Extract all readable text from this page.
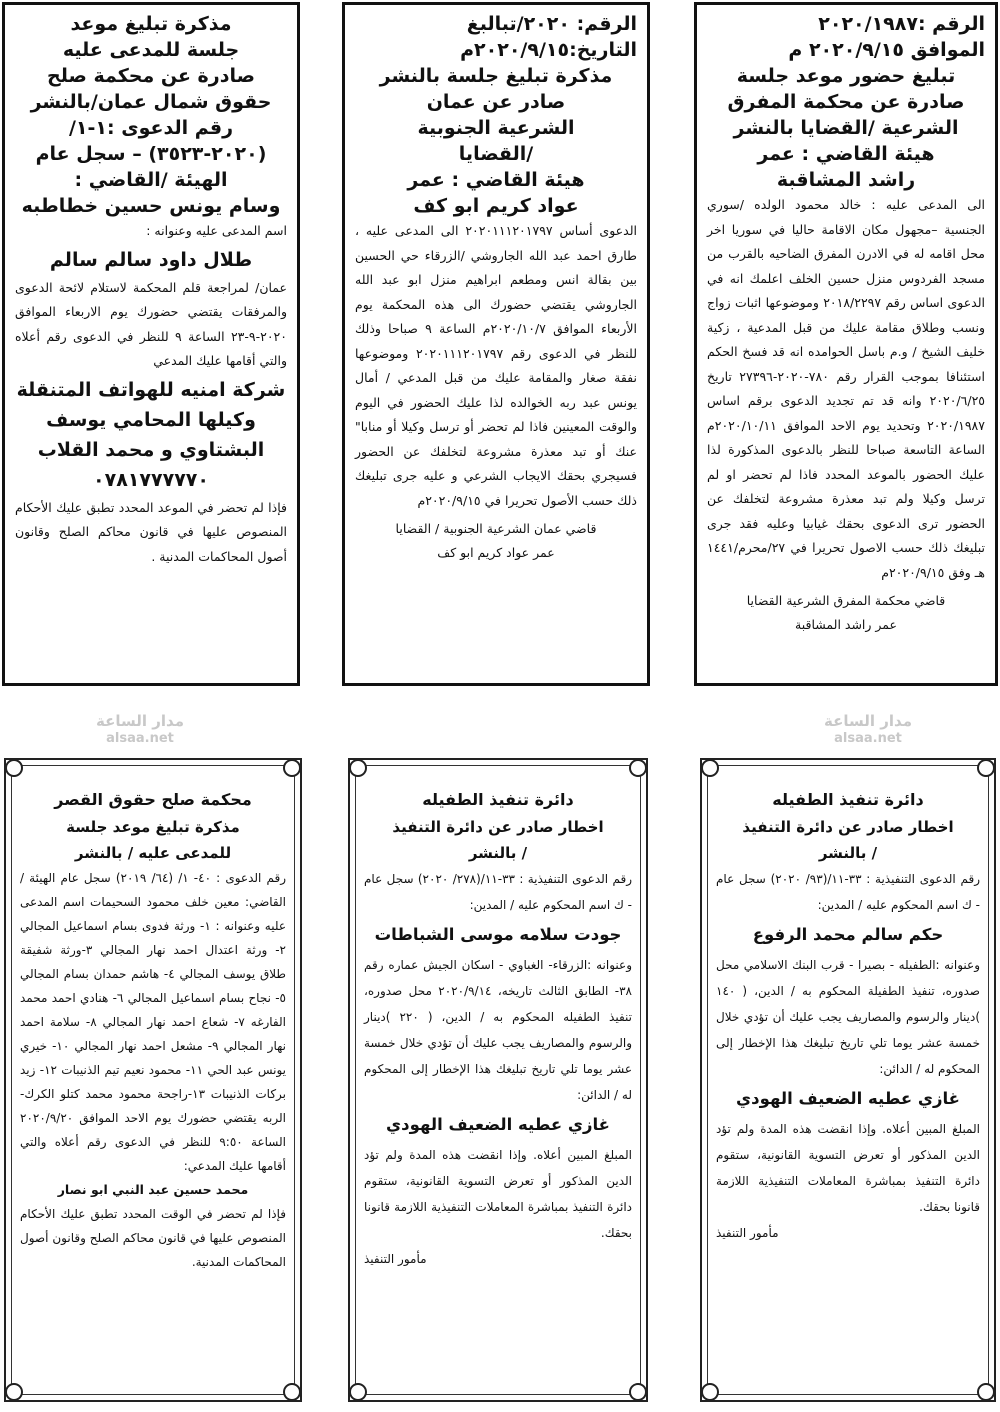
الرقم :٢٠٢٠/١٩٨٧

الموافق ٢٠٢٠/٩/١٥ م

تبليغ حضور موعد جلسة

صادرة عن محكمة المفرق

الشرعية /القضايا بالنشر

هيئة القاضي : عمر

راشد المشاقبة

الى المدعى عليه : خالد محمود الولده /سوري الجنسية –مجهول مكان الاقامة حاليا في سوريا اخر محل اقامه له في الادرن المفرق الضاحيه بالقرب من مسجد الفردوس منزل حسين الخلف اعلمك انه في الدعوى اساس رقم ٢٠١٨/٢٢٩٧ وموضوعها اثبات زواج ونسب وطلاق مقامة عليك من قبل المدعية ، زكية خليف الشيخ / و.م باسل الحوامده انه قد فسخ الحكم استئنافا بموجب القرار رقم ٧٨٠-٢٠٢٠-٢٧٣٩٦ تاريخ ٢٠٢٠/٦/٢٥ وانه قد تم تجديد الدعوى برقم اساس ٢٠٢٠/١٩٨٧ وتحديد يوم الاحد الموافق ٢٠٢٠/١٠/١١م الساعة التاسعة صباحا للنظر بالدعوى المذكورة لذا عليك الحضور بالموعد المحدد فاذا لم تحضر او لم ترسل وكيلا ولم تبد معذرة مشروعة لتخلفك عن الحضور ترى الدعوى بحقك غيابيا وعليه فقد جرى تبليغك ذلك حسب الاصول تحريرا في ٢٧/محرم/١٤٤١ هـ وفق ٢٠٢٠/٩/١٥م

قاضي محكمة المفرق الشرعية القضايا

عمر راشد المشاقبة

الرقم: ٢٠٢٠/تبالبغ

التاريخ:٢٠٢٠/٩/١٥م

مذكرة تبليغ جلسة بالنشر

صادر عن عمان

الشرعية الجنوبية

/القضايا

هيئة القاضي : عمر

عواد كريم ابو كف

الدعوى أساس ٢٠٢٠١١١٢٠١٧٩٧ الى المدعى عليه ، طارق احمد عبد الله الجاروشي /الزرقاء حي الحسين بين بقالة انس ومطعم ابراهيم منزل ابو عبد الله الجاروشي يقتضي حضورك الى هذه المحكمة يوم الأربعاء الموافق ٢٠٢٠/١٠/٧م الساعة ٩ صباحا وذلك للنظر في الدعوى رقم ٢٠٢٠١١١٢٠١٧٩٧ وموضوعها نفقة صغار والمقامة عليك من قبل المدعي / أمال يونس عبد ربه الخوالده لذا عليك الحضور في اليوم والوقت المعينين فاذا لم تحضر أو ترسل وكيلا أو منابا" عنك أو تبد معذرة مشروعة لتخلفك عن الحضور فسيجري بحقك الايجاب الشرعي و عليه جرى تبليغك ذلك حسب الأصول تحريرا في ٢٠٢٠/٩/١٥م

قاضي عمان الشرعية الجنوبية / القضايا

عمر عواد كريم ابو كف

مذكرة تبليغ موعد

جلسة للمدعى عليه

صادرة عن محكمة صلح

حقوق شمال عمان/بالنشر

رقم الدعوى :١-١/

(٢٠٢٠-٣٥٢٣) – سجل عام

الهيئة /القاضي :

وسام يونس حسين خطاطبه

اسم المدعى عليه وعنوانه :

طلال داود سالم سالم

عمان/ لمراجعة قلم المحكمة لاستلام لائحة الدعوى والمرفقات يقتضي حضورك يوم الاربعاء الموافق ٢٠٢٠-٩-٢٣ الساعة ٩ للنظر في الدعوى رقم أعلاه والتي أقامها عليك المدعي

شركة امنيه للهواتف المتنقلة

وكيلها المحامي يوسف

البشتاوي و محمد القلاب

٠٧٨١٧٧٧٧٧٠

فإذا لم تحضر في الموعد المحدد تطبق عليك الأحكام المنصوص عليها في قانون محاكم الصلح وقانون أصول المحاكمات المدنية .

مدار الساعة
alsaa.net
مدار الساعة
alsaa.net

دائرة تنفيذ الطفيله

اخطار صادر عن دائرة التنفيذ

/ بالنشر

رقم الدعوى التنفيذية : ٣٣-١١/(٩٣/ ٢٠٢٠) سجل عام - ك اسم المحكوم عليه / المدين:

حكم سالم محمد الرفوع

وعنوانه :الطفيله - بصيرا - قرب البنك الاسلامي محل صدوره، تنفيذ الطفيلة المحكوم به / الدين، ( ١٤٠ )دينار والرسوم والمصاريف يجب عليك أن تؤدي خلال خمسة عشر يوما تلي تاريخ تبليغك هذا الإخطار إلى المحكوم له / الدائن:

غازي عطيه الضعيف الهودي

المبلغ المبين أعلاه. وإذا انقضت هذه المدة ولم تؤد الدين المذكور أو تعرض التسوية القانونية، ستقوم دائرة التنفيذ بمباشرة المعاملات التنفيذية اللازمة قانونا بحقك.

مأمور التنفيذ

دائرة تنفيذ الطفيله

اخطار صادر عن دائرة التنفيذ

/ بالنشر

رقم الدعوى التنفيذية : ٣٣-١١/(٢٧٨/ ٢٠٢٠) سجل عام - ك اسم المحكوم عليه / المدين:

جودت سلامه موسى الشباطات

وعنوانه :الزرقاء- الغباوي - اسكان الجيش عماره رقم ٣٨- الطابق الثالث تاريخه، ٢٠٢٠/٩/١٤ محل صدوره، تنفيذ الطفيله المحكوم به / الدين، ( ٢٢٠ )دينار والرسوم والمصاريف يجب عليك أن تؤدي خلال خمسة عشر يوما تلي تاريخ تبليغك هذا الإخطار إلى المحكوم له / الدائن:

غازي عطيه الضعيف الهودي

المبلغ المبين أعلاه. وإذا انقضت هذه المدة ولم تؤد الدين المذكور أو تعرض التسوية القانونية، ستقوم دائرة التنفيذ بمباشرة المعاملات التنفيذية اللازمة قانونا بحقك.

مأمور التنفيذ

محكمة صلح حقوق القصر

مذكرة تبليغ موعد جلسة

للمدعى عليه / بالنشر

رقم الدعوى : ٤٠- ١/ (٦٤/ ٢٠١٩) سجل عام الهيئة / القاضي: معين خلف محمود السحيمات اسم المدعى عليه وعنوانه : ١- ورثة فدوى بسام اسماعيل المجالي ٢- ورثة اعتدال احمد نهار المجالي ٣-ورثة شفيقة طلاق يوسف المجالي ٤- هاشم حمدان بسام المجالي ٥- نجاح بسام اسماعيل المجالي ٦- هنادي احمد محمد الفارغه ٧- شعاع احمد نهار المجالي ٨- سلامة احمد نهار المجالي ٩- مشعل احمد نهار المجالي ١٠- خيري يونس عبد الحي ١١- محمود نعيم تيم الذنيبات ١٢- زيد بركات الذنيبات ١٣-راجحة محمود محمد كتلو الكرك- الربه يقتضي حضورك يوم الاحد الموافق ٢٠٢٠/٩/٢٠ الساعة ٩:٥٠ للنظر في الدعوى رقم أعلاه والتي أقامها عليك المدعي:

محمد حسين عبد النبي ابو نصار

فإذا لم تحضر في الوقت المحدد تطبق عليك الأحكام المنصوص عليها في قانون محاكم الصلح وقانون أصول المحاكمات المدنية.
